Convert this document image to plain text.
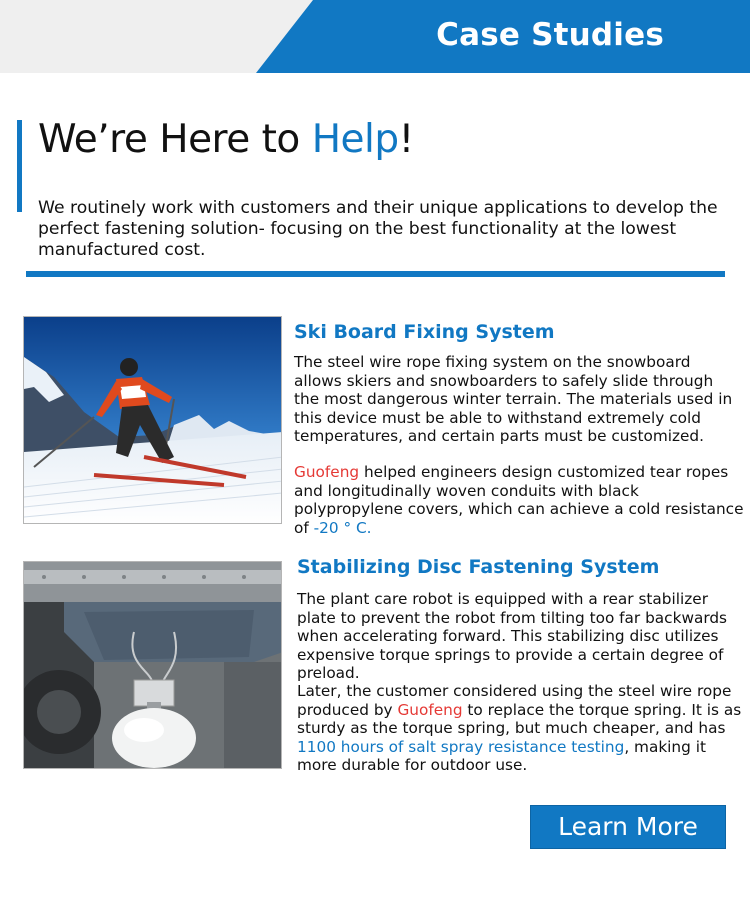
Case Studies
We’re Here to Help!

We routinely work with customers and their unique applications to develop the perfect fastening solution- focusing on the best functionality at the lowest manufactured cost.

Ski Board Fixing System

The steel wire rope fixing system on the snowboard allows skiers and snowboarders to safely slide through the most dangerous winter terrain. The materials used in this device must be able to withstand extremely cold temperatures, and certain parts must be customized.

Guofeng helped engineers design customized tear ropes and longitudinally woven conduits with black polypropylene covers, which can achieve a cold resistance of -20 ° C.

Stabilizing Disc Fastening System

The plant care robot is equipped with a rear stabilizer plate to prevent the robot from tilting too far backwards when accelerating forward. This stabilizing disc utilizes expensive torque springs to provide a certain degree of preload.

Later, the customer considered using the steel wire rope produced by Guofeng to replace the torque spring. It is as sturdy as the torque spring, but much cheaper, and has 1100 hours of salt spray resistance testing, making it more durable for outdoor use.

Learn More
